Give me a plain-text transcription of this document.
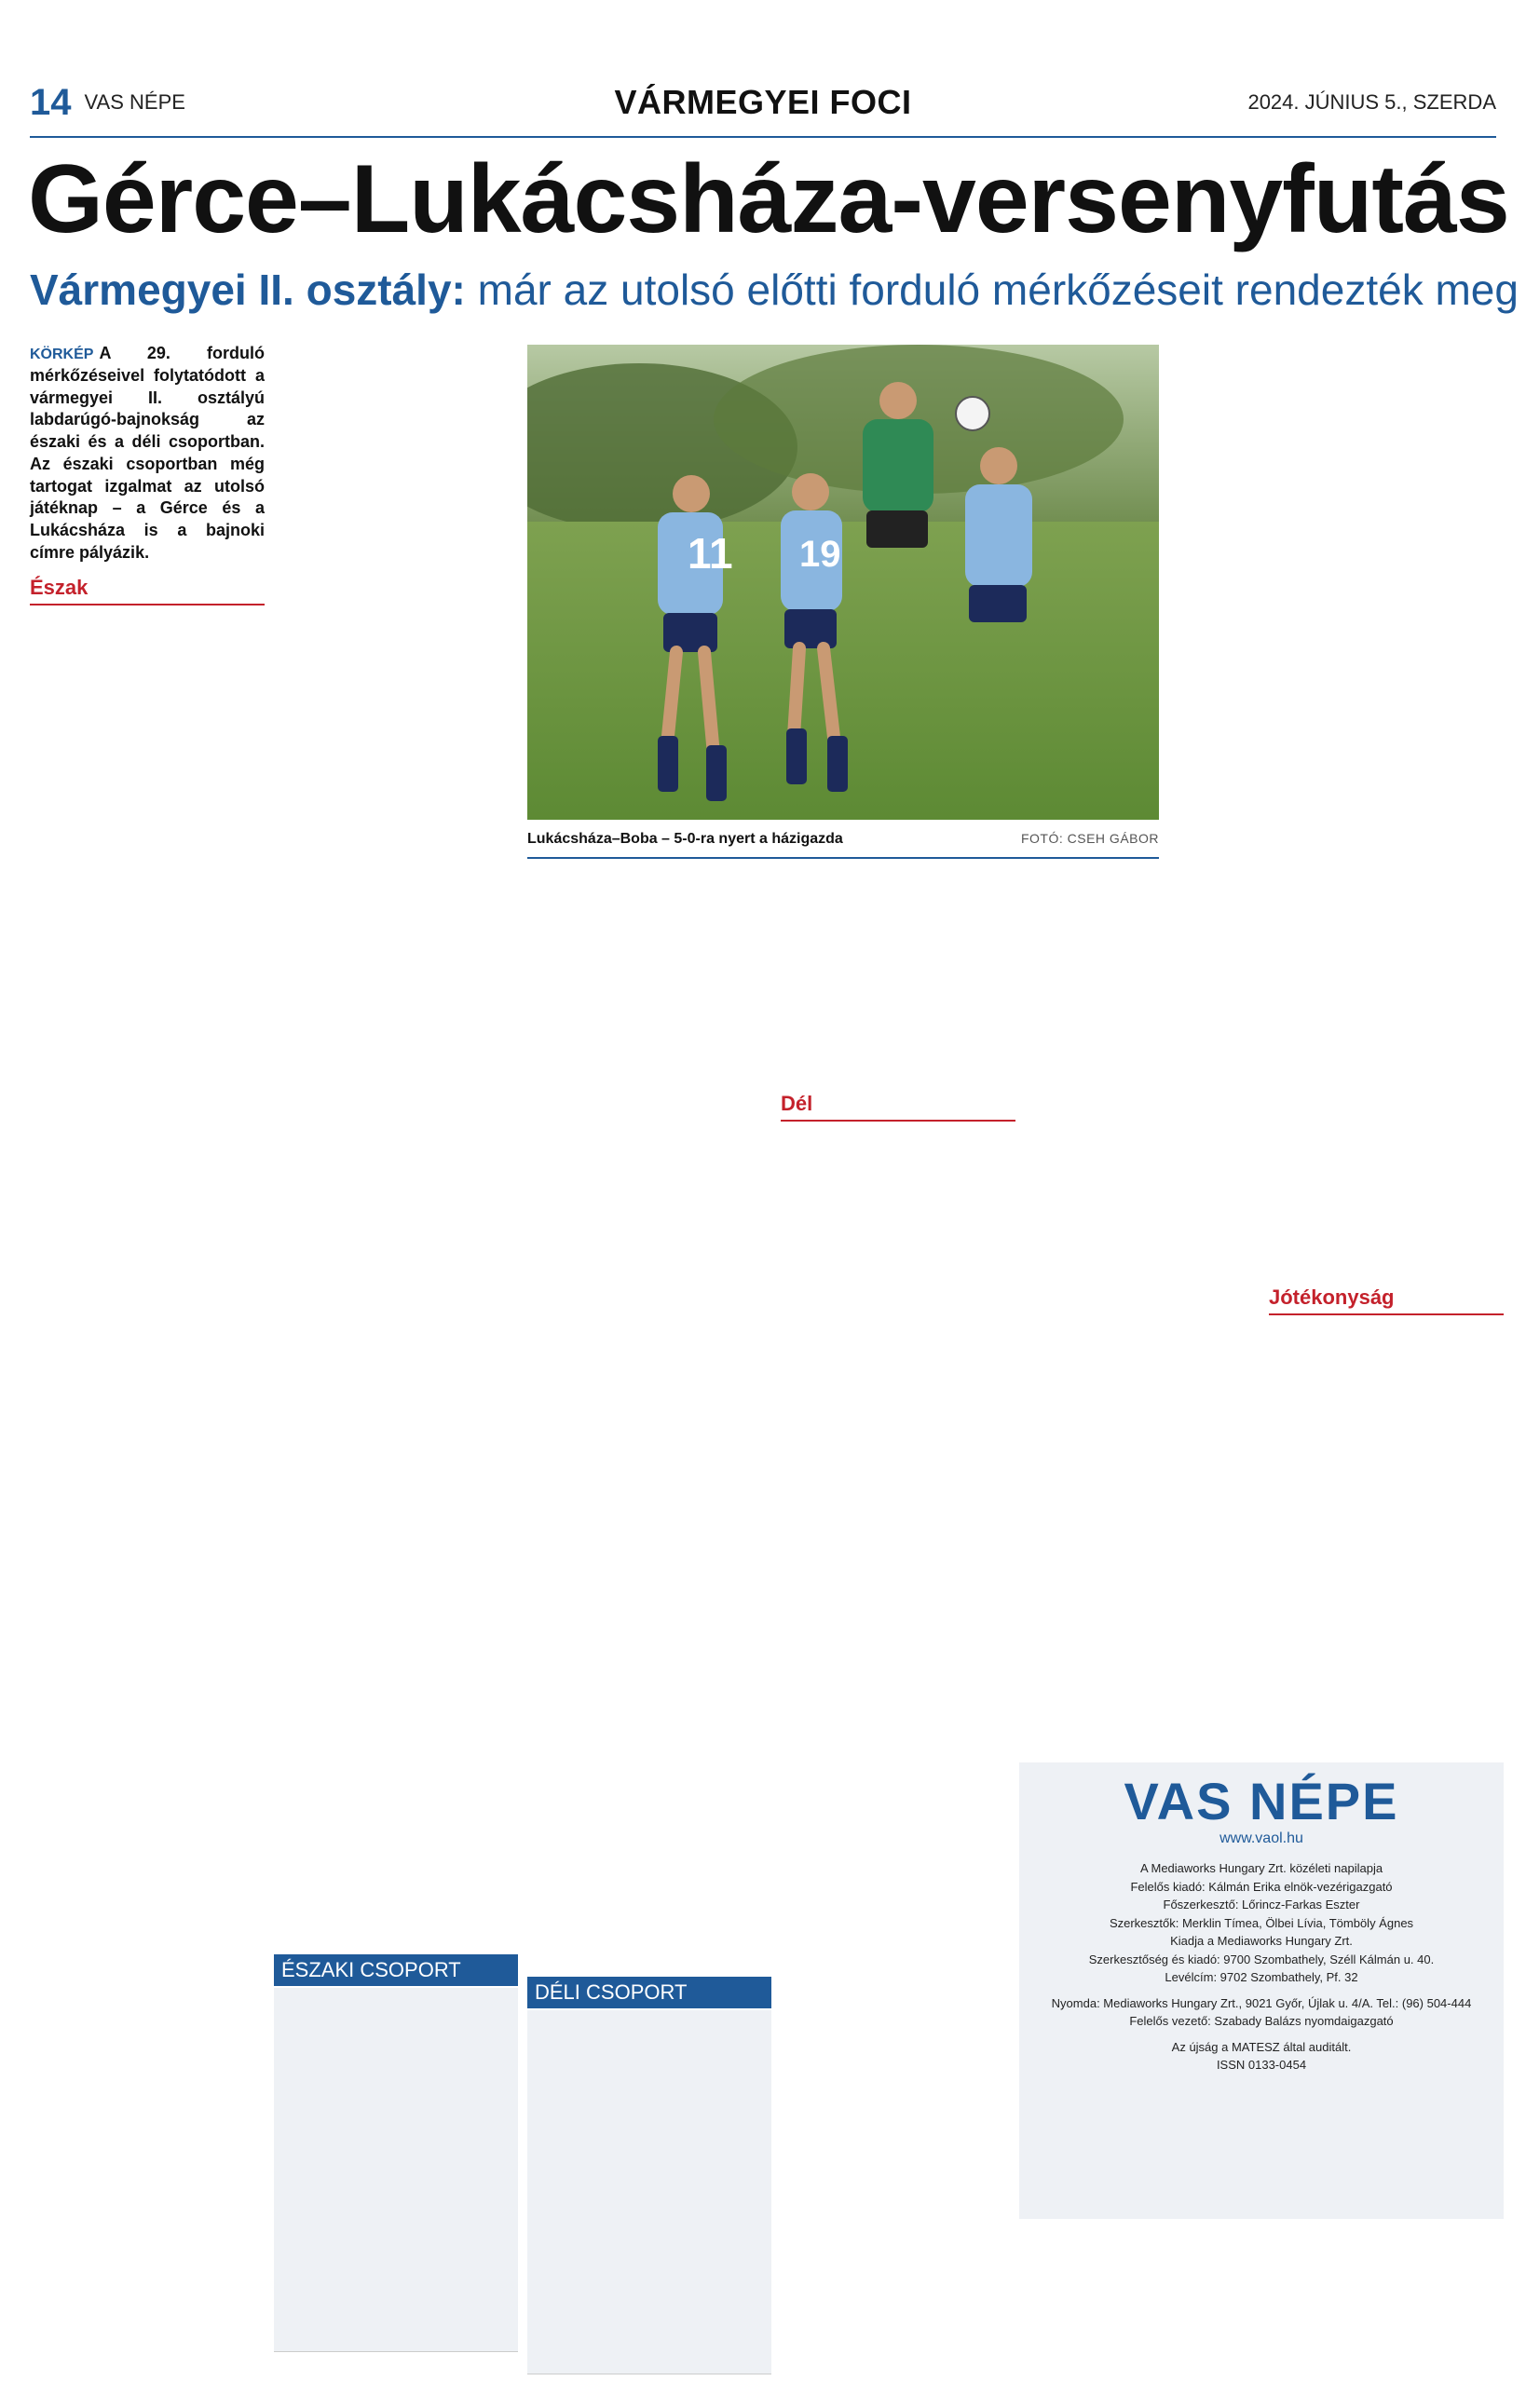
14 VAS NÉPE	VÁRMEGYEI FOCI	2024. JÚNIUS 5., SZERDA
Gérce–Lukácsháza-versenyfutás
Vármegyei II. osztály: már az utolsó előtti forduló mérkőzéseit rendezték meg
KÖRKÉP A 29. forduló mérkőzéseivel folytatódott a vármegyei II. osztályú labdarúgó-bajnokság az északi és a déli csoportban. Az északi csoportban még tartogat izgalmat az utolsó játéknap – a Gérce és a Lukácsháza is a bajnoki címre pályázik.
Észak
11 19
Lukácsháza–Boba – 5-0-ra nyert a házigazda	FOTÓ: CSEH GÁBOR
Dél
Jótékonyság
ÉSZAKI CSOPORT
DÉLI CSOPORT
VAS NÉPE
www.vaol.hu

A Mediaworks Hungary Zrt. közéleti napilapja

Felelős kiadó: Kálmán Erika elnök-vezérigazgató

Főszerkesztő: Lőrincz-Farkas Eszter

Szerkesztők: Merklin Tímea, Ölbei Lívia, Tömböly Ágnes

Kiadja a Mediaworks Hungary Zrt.

Szerkesztőség és kiadó: 9700 Szombathely, Széll Kálmán u. 40.

Levélcím: 9702 Szombathely, Pf. 32

Nyomda: Mediaworks Hungary Zrt., 9021 Győr, Újlak u. 4/A. Tel.: (96) 504-444

Felelős vezető: Szabady Balázs nyomdaigazgató

Az újság a MATESZ által auditált.

ISSN 0133-0454
